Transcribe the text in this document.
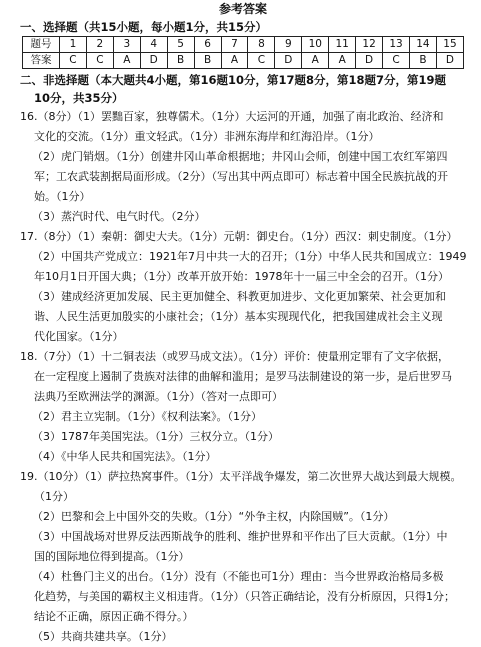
参考答案
一、选择题（共15小题，每小题1分，共15分）
题号	1	2	3	4	5	6	7	8	9	10	11	12	13	14	15
答案	C	C	A	D	B	B	A	C	D	A	A	D	C	B	D
二、非选择题（本大题共4小题，第16题10分，第17题8分，第18题7分，第19题
10分，共35分）
16.（8分）（1）罢黜百家，独尊儒术。（1分）大运河的开通，加强了南北政治、经济和
文化的交流。（1分）重文轻武。（1分）非洲东海岸和红海沿岸。（1分）
（2）虎门销烟。（1分）创建井冈山革命根据地；井冈山会师，创建中国工农红军第四
军；工农武装割据局面形成。（2分）（写出其中两点即可）标志着中国全民族抗战的开
始。（1分）
（3）蒸汽时代、电气时代。（2分）
17.（8分）（1）秦朝：御史大夫。（1分）元朝：御史台。（1分）西汉：刺史制度。（1分）
（2）中国共产党成立：1921年7月中共一大的召开；（1分）中华人民共和国成立：1949
年10月1日开国大典；（1分）改革开放开始：1978年十一届三中全会的召开。（1分）
（3）建成经济更加发展、民主更加健全、科教更加进步、文化更加繁荣、社会更加和
谐、人民生活更加殷实的小康社会；（1分）基本实现现代化，把我国建成社会主义现
代化国家。（1分）
18.（7分）（1）十二铜表法（或罗马成文法）。（1分）评价：使量刑定罪有了文字依据，
在一定程度上遏制了贵族对法律的曲解和滥用；是罗马法制建设的第一步，是后世罗马
法典乃至欧洲法学的渊源。（1分）（答对一点即可）
（2）君主立宪制。（1分）《权利法案》。（1分）
（3）1787年美国宪法。（1分）三权分立。（1分）
（4）《中华人民共和国宪法》。（1分）
19.（10分）（1）萨拉热窝事件。（1分）太平洋战争爆发，第二次世界大战达到最大规模。
（1分）
（2）巴黎和会上中国外交的失败。（1分）“外争主权，内除国贼”。（1分）
（3）中国战场对世界反法西斯战争的胜利、维护世界和平作出了巨大贡献。（1分）中
国的国际地位得到提高。（1分）
（4）杜鲁门主义的出台。（1分）没有（不能也可1分）理由：当今世界政治格局多极
化趋势，与美国的霸权主义相违背。（1分）（只答正确结论，没有分析原因，只得1分；
结论不正确，原因正确不得分。）
（5）共商共建共享。（1分）
